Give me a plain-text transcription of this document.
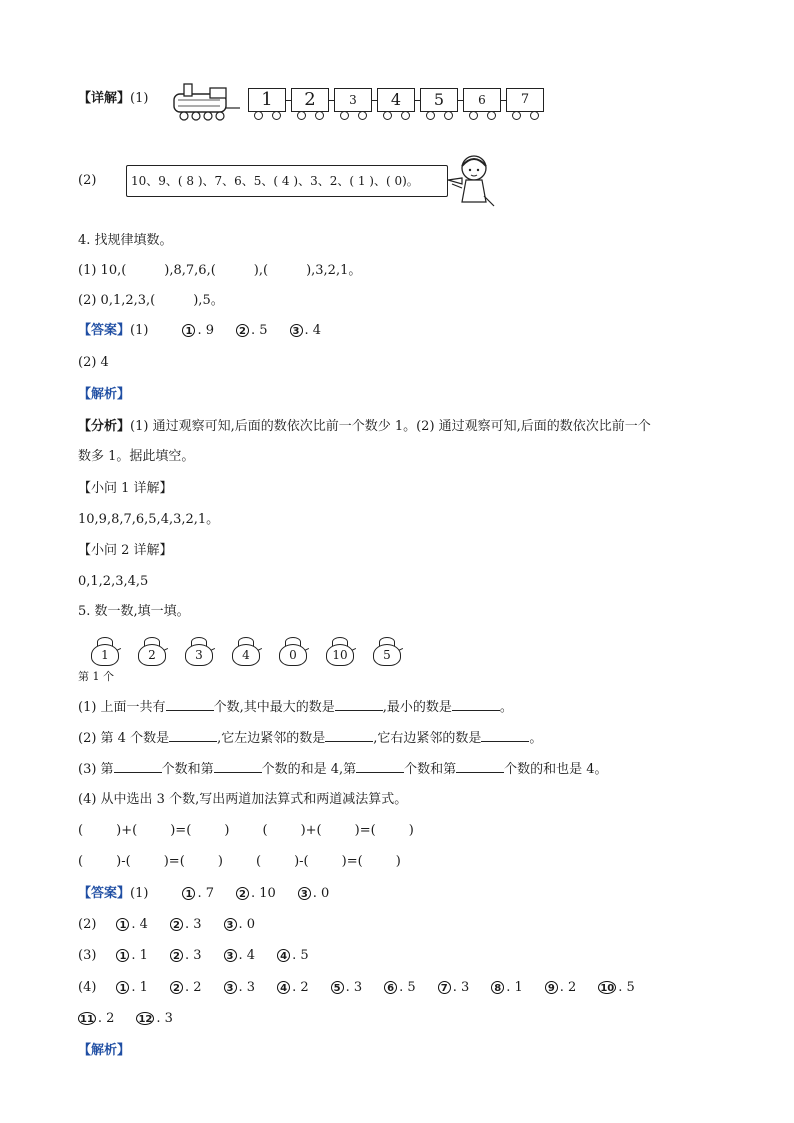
【详解】(1)	1	2	3	4	5	6	7
(2)	10、9、( 8 )、7、6、5、( 4 )、3、2、( 1 )、( 0)。
4. 找规律填数。
(1) 10,(	),8,7,6,(	),(	),3,2,1。
(2) 0,1,2,3,(	),5。
【答案】(1)	1 . 9	2 . 5	3 . 4
(2) 4
【解析】
【分析】(1) 通过观察可知,后面的数依次比前一个数少 1。(2) 通过观察可知,后面的数依次比前一个
数多 1。据此填空。
【小问 1 详解】
10,9,8,7,6,5,4,3,2,1。
【小问 2 详解】
0,1,2,3,4,5
5. 数一数,填一填。
1	2	3	4	0	10	5
第 1 个
(1) 上面一共有	个数,其中最大的数是	,最小的数是	。
(2) 第 4 个数是	,它左边紧邻的数是	,它右边紧邻的数是	。
(3) 第	个数和第	个数的和是 4,第	个数和第	个数的和也是 4。
(4) 从中选出 3 个数,写出两道加法算式和两道减法算式。
(        )+(        )=(        )        (        )+(        )=(        )
(        )-(        )=(        )        (        )-(        )=(        )
【答案】(1)	1 . 7	2 . 10	3 . 0
(2) 1 . 4	2 . 3	3 . 0
(3) 1 . 1	2 . 3	3 . 4	4 . 5
(4) 1 . 1	2 . 2	3 . 3	4 . 2	5 . 3	6 . 5	7 . 3	8 . 1	9 . 2 10 . 5
11 . 2 12 . 3
【解析】
